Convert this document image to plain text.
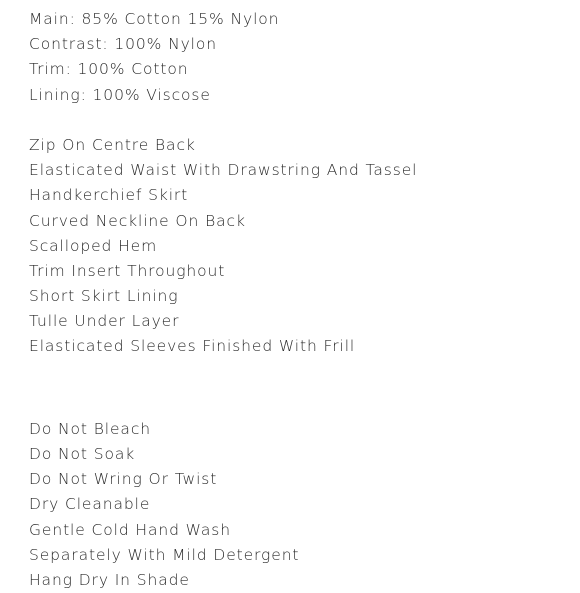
Main: 85% Cotton 15% Nylon
Contrast: 100% Nylon
Trim: 100% Cotton
Lining: 100% Viscose
Zip On Centre Back
Elasticated Waist With Drawstring And Tassel
Handkerchief Skirt
Curved Neckline On Back
Scalloped Hem
Trim Insert Throughout
Short Skirt Lining
Tulle Under Layer
Elasticated Sleeves Finished With Frill
Do Not Bleach
Do Not Soak
Do Not Wring Or Twist
Dry Cleanable
Gentle Cold Hand Wash
Separately With Mild Detergent
Hang Dry In Shade
